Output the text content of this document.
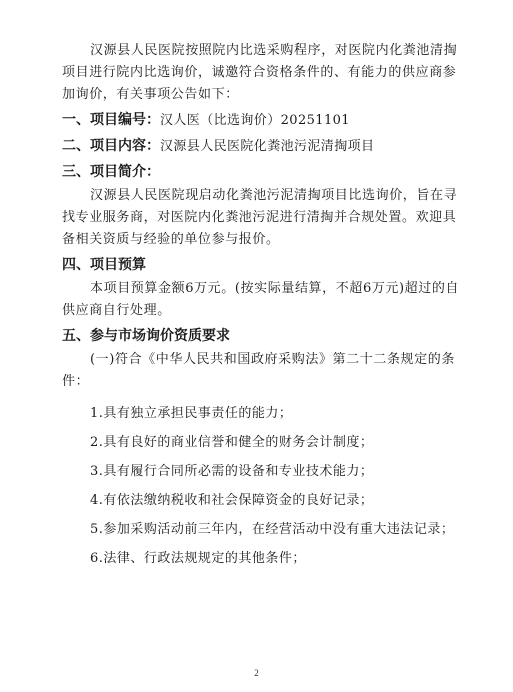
汉源县人民医院按照院内比选采购程序，对医院内化粪池清掏项目进行院内比选询价，诚邀符合资格条件的、有能力的供应商参加询价，有关事项公告如下：

一、项目编号：汉人医（比选询价）20251101
二、项目内容：汉源县人民医院化粪池污泥清掏项目
三、项目简介：

汉源县人民医院现启动化粪池污泥清掏项目比选询价，旨在寻找专业服务商，对医院内化粪池污泥进行清掏并合规处置。欢迎具备相关资质与经验的单位参与报价。

四、项目预算

本项目预算金额6万元。(按实际量结算，不超6万元)超过的自供应商自行处理。

五、参与市场询价资质要求

(一)符合《中华人民共和国政府采购法》第二十二条规定的条件：

1.具有独立承担民事责任的能力；

2.具有良好的商业信誉和健全的财务会计制度；

3.具有履行合同所必需的设备和专业技术能力；

4.有依法缴纳税收和社会保障资金的良好记录；

5.参加采购活动前三年内，在经营活动中没有重大违法记录；

6.法律、行政法规规定的其他条件；

2
